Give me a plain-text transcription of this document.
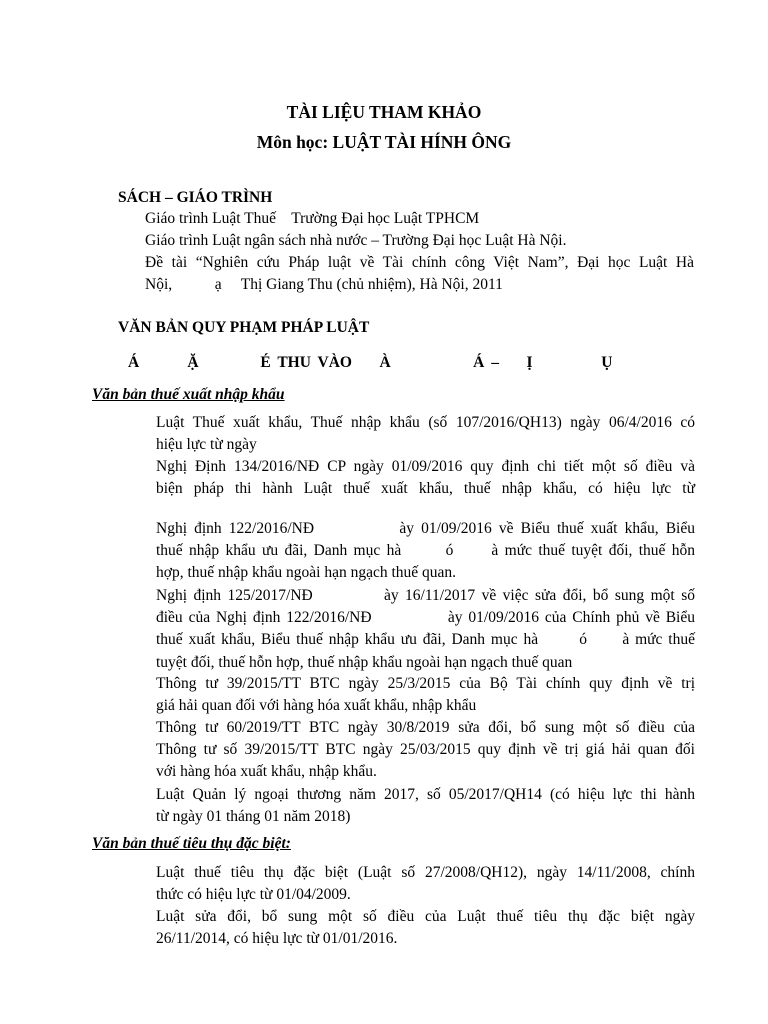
TÀI LIỆU THAM KHẢO
Môn học: LUẬT TÀI HÍNH ÔNG
SÁCH – GIÁO TRÌNH
Giáo trình Luật Thuế    Trường Đại học Luật TPHCM
Giáo trình Luật ngân sách nhà nước – Trường Đại học Luật Hà Nội.
Đề tài “Nghiên cứu Pháp luật về Tài chính công Việt Nam”, Đại học Luật Hà
Nội,           ạ     Thị Giang Thu (chủ nhiệm), Hà Nội, 2011
VĂN BẢN QUY PHẠM PHÁP LUẬT
Á       Ặ         É THU VÀO    À            Á –    Ị          Ụ
Văn bản thuế xuất nhập khẩu
Luật Thuế xuất khẩu, Thuế nhập khẩu (số 107/2016/QH13) ngày 06/4/2016 có
hiệu lực từ ngày
Nghị Định 134/2016/NĐ CP ngày 01/09/2016 quy định chi tiết một số điều và
biện pháp thi hành Luật thuế xuất khẩu, thuế nhập khẩu, có hiệu lực từ
Nghị định 122/2016/NĐ            ày 01/09/2016 về Biểu thuế xuất khẩu, Biểu
thuế nhập khẩu ưu đãi, Danh mục hà       ó      à mức thuế tuyệt đối, thuế hỗn
hợp, thuế nhập khẩu ngoài hạn ngạch thuế quan.
Nghị định 125/2017/NĐ           ày 16/11/2017 về việc sửa đổi, bổ sung một số
điều của Nghị định 122/2016/NĐ             ày 01/09/2016 của Chính phủ về Biểu
thuế xuất khẩu, Biểu thuế nhập khẩu ưu đãi, Danh mục hà       ó      à mức thuế
tuyệt đối, thuế hỗn hợp, thuế nhập khẩu ngoài hạn ngạch thuế quan
Thông tư 39/2015/TT BTC ngày 25/3/2015 của Bộ Tài chính quy định về trị
giá hải quan đối với hàng hóa xuất khẩu, nhập khẩu
Thông tư 60/2019/TT BTC ngày 30/8/2019 sửa đổi, bổ sung một số điều của
Thông tư số 39/2015/TT BTC ngày 25/03/2015 quy định về trị giá hải quan đối
với hàng hóa xuất khẩu, nhập khẩu.
Luật Quản lý ngoại thương năm 2017, số 05/2017/QH14 (có hiệu lực thi hành
từ ngày 01 tháng 01 năm 2018)
Văn bản thuế tiêu thụ đặc biệt:
Luật thuế tiêu thụ đặc biệt (Luật số 27/2008/QH12), ngày 14/11/2008, chính
thức có hiệu lực từ 01/04/2009.
Luật sửa đổi, bổ sung một số điều của Luật thuế tiêu thụ đặc biệt ngày
26/11/2014, có hiệu lực từ 01/01/2016.
